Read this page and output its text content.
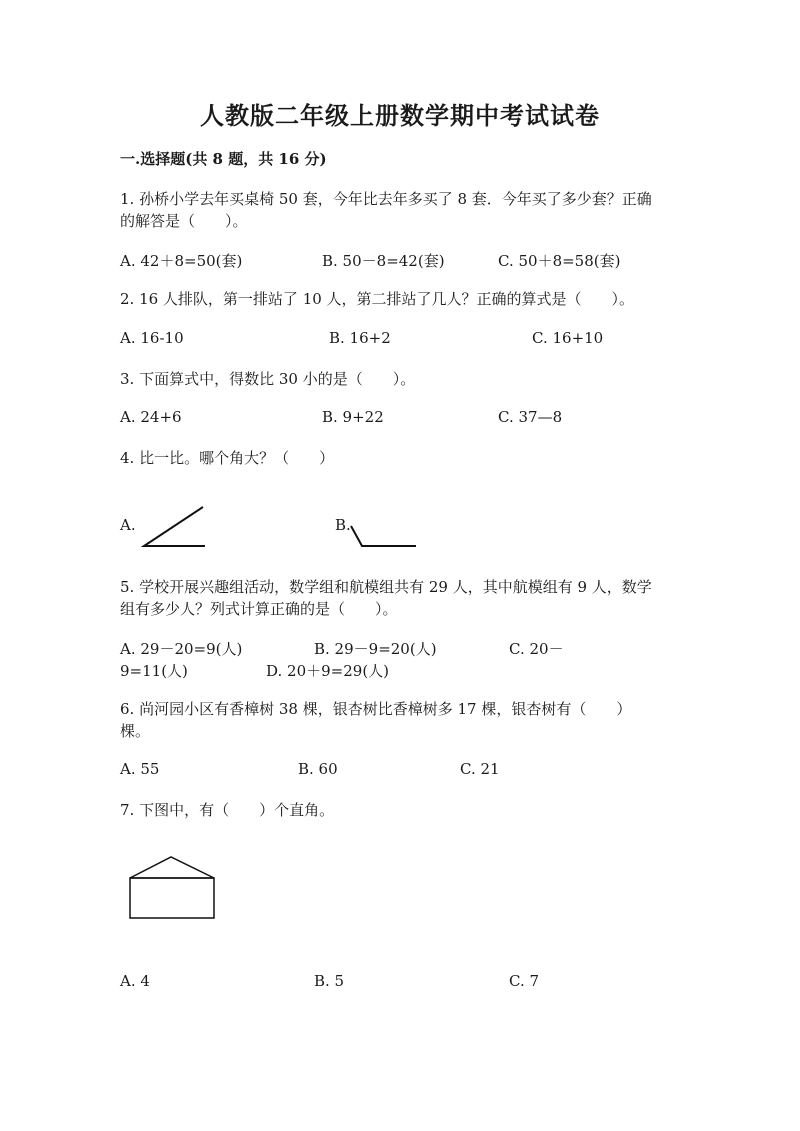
人教版二年级上册数学期中考试试卷
一.选择题(共 8 题，共 16 分)
1. 孙桥小学去年买桌椅 50 套，今年比去年多买了 8 套．今年买了多少套？正确
的解答是（　　）。
A. 42＋8=50(套)	B. 50－8=42(套)	C. 50＋8=58(套)
2. 16 人排队，第一排站了 10 人，第二排站了几人？正确的算式是（　　）。
A. 16-10	B. 16+2	C. 16+10
3. 下面算式中，得数比 30 小的是（　　）。
A. 24+6	B. 9+22	C. 37—8
4. 比一比。哪个角大？（　　）
A.	B.
5. 学校开展兴趣组活动，数学组和航模组共有 29 人，其中航模组有 9 人，数学
组有多少人？列式计算正确的是（　　）。
A. 29－20=9(人)	B. 29－9=20(人)	C. 20－
9=11(人)	D. 20＋9=29(人)
6. 尚河园小区有香樟树 38 棵，银杏树比香樟树多 17 棵，银杏树有（　　）
棵。
A. 55	B. 60	C. 21
7. 下图中，有（　　）个直角。
A. 4	B. 5	C. 7
